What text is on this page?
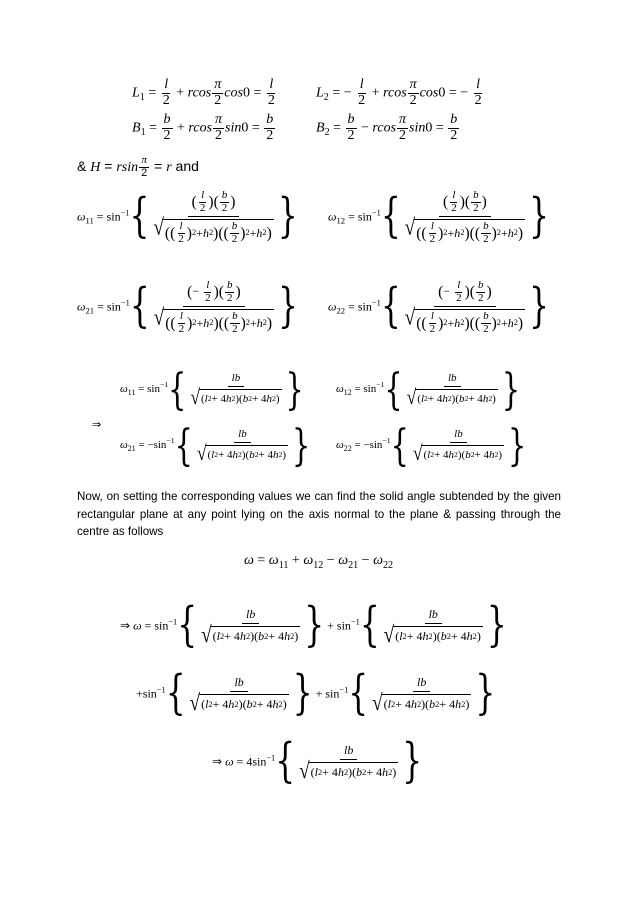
$L_1 = \frac{l}{2} + rcos \frac{\pi}{2} \cos 0 = \frac{l}{2}$	$L_2$ = − $\frac{l}{2} + rcos \frac{\pi}{2} \cos 0$ = − $\frac{l}{2}$
$B_1 = \frac{b}{2} + rcos \frac{\pi}{2} \sin 0 = \frac{b}{2}$	$B_2 = \frac{b}{2} - rcos \frac{\pi}{2} \sin 0 = \frac{b}{2}$
& H = rsin $\frac{\pi}{2} = r$ and
$\omega_{11} = \sin^{-1}\{ \frac{( \frac{l}{2} )( \frac{b}{2} )}{√ ( ( \frac{l}{2} ) 2 + h 2 ) ( ( \frac{b}{2} ) 2 + h 2 )}$ }	$\omega_{12} = \sin^{-1}\{ \frac{( \frac{l}{2} )( \frac{b}{2} )}{√ ( ( \frac{l}{2} ) 2 + h 2 ) ( ( \frac{b}{2} ) 2 + h 2 )}$ }
$\omega_{21} = \sin^{-1}\{ \frac{(- \frac{l}{2} )( \frac{b}{2} )}{√ ( ( \frac{l}{2} ) 2 + h 2 ) ( ( \frac{b}{2} ) 2 + h 2 )}$ }	$\omega_{22} = \sin^{-1}\{ \frac{(- \frac{l}{2} )( \frac{b}{2} )}{√ ( ( \frac{l}{2} ) 2 + h 2 ) ( ( \frac{b}{2} ) 2 + h 2 )}$ }
$\omega_{11} = \sin^{-1}\{ \frac{lb}{√ ( l 2 + 4 h 2 )( b 2 + 4 h 2 )}$ }	$\omega_{12} = \sin^{-1}\{ \frac{lb}{√ ( l 2 + 4 h 2 )( b 2 + 4 h 2 )}$ }
⇒
$\omega_{21} = -\sin^{-1}\{ \frac{lb}{√ ( l 2 + 4 h 2 )( b 2 + 4 h 2 )}$ } $\omega_{22} = -\sin^{-1}\{ \frac{lb}{√ ( l 2 + 4 h 2 )( b 2 + 4 h 2 )}$ }
Now, on setting the corresponding values we can find the solid angle subtended by the given rectangular plane at any point lying on the axis normal to the plane & passing through the centre as follows
$\omega = \omega_{11} + \omega_{12} - \omega_{21} - \omega_{22}$
⇒ $\omega = \sin^{-1}\{ \frac{lb}{√ ( l 2 + 4 h 2 )( b 2 + 4 h 2 )}$ } + $\sin^{-1}\{ \frac{lb}{√ ( l 2 + 4 h 2 )( b 2 + 4 h 2 )}$ }
$+\sin^{-1}\{ \frac{lb}{√ ( l 2 + 4 h 2 )( b 2 + 4 h 2 )}$ } + $\sin^{-1}\{ \frac{lb}{√ ( l 2 + 4 h 2 )( b 2 + 4 h 2 )}$ }
⇒ $\omega = 4\sin^{-1}\{ \frac{lb}{√ ( l 2 + 4 h 2 )( b 2 + 4 h 2 )}$ }
